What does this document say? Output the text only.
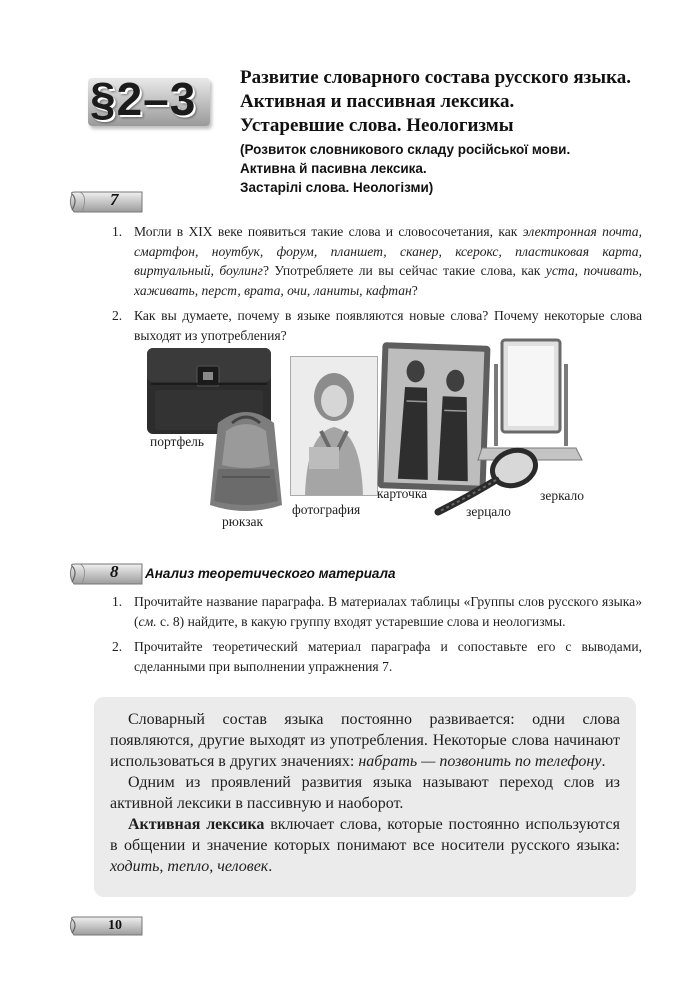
§2–3 Развитие словарного состава русского языка.
Активная и пассивная лексика.
Устаревшие слова. Неологизмы
(Розвиток словникового складу російської мови.
Активна й пасивна лексика.
Застарілі слова. Неологізми)
7
1. Могли в XIX веке появиться такие слова и словосочетания, как электронная почта, смартфон, ноутбук, форум, планшет, сканер, ксерокс, пластиковая карта, виртуальный, боулинг? Употребляете ли вы сейчас такие слова, как уста, почивать, хаживать, перст, врата, очи, ланиты, кафтан?

2. Как вы думаете, почему в языке появляются новые слова? Почему некоторые слова выходят из употребления?

портфель
рюкзак
фотография
карточка	зеркало
зерцало
8 Анализ теоретического материала
1. Прочитайте название параграфа. В материалах таблицы «Группы слов русского языка» (см. с. 8) найдите, в какую группу входят устаревшие слова и неологизмы.

2. Прочитайте теоретический материал параграфа и сопоставьте его с выводами, сделанными при выполнении упражнения 7.

Словарный состав языка постоянно развивается: одни слова появляются, другие выходят из употребления. Некоторые слова начинают использоваться в других значениях: набрать — позвонить по телефону.

Одним из проявлений развития языка называют переход слов из активной лексики в пассивную и наоборот.

Активная лексика включает слова, которые постоянно используются в общении и значение которых понимают все носители русского языка: ходить, тепло, человек.

10
